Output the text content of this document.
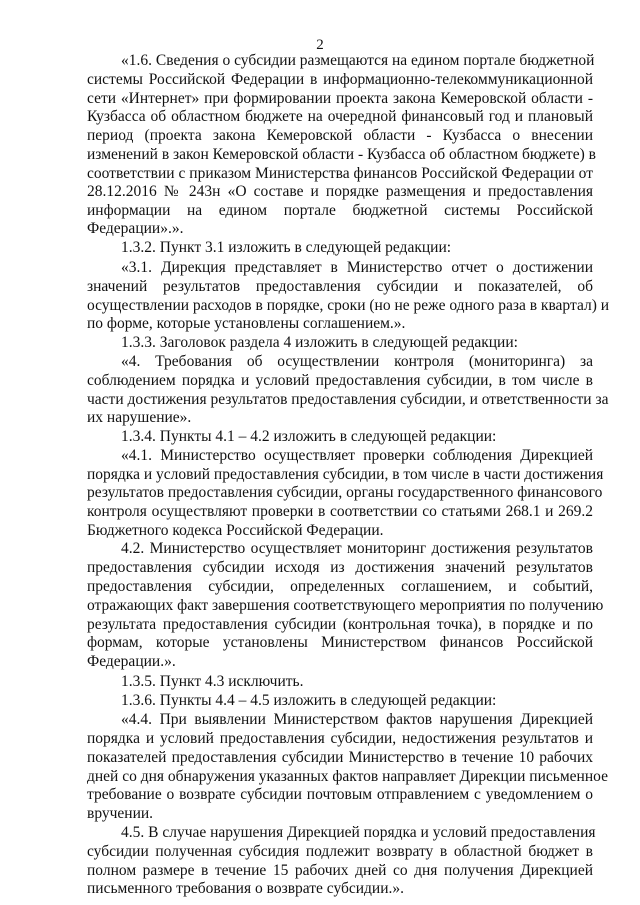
2
«1.6. Сведения о субсидии размещаются на едином портале бюджетной
системы Российской Федерации в информационно-телекоммуникационной
сети «Интернет» при формировании проекта закона Кемеровской области -
Кузбасса об областном бюджете на очередной финансовый год и плановый
период (проекта закона Кемеровской области - Кузбасса о внесении
изменений в закон Кемеровской области - Кузбасса об областном бюджете) в
соответствии с приказом Министерства финансов Российской Федерации от
28.12.2016 № 243н «О составе и порядке размещения и предоставления
информации на едином портале бюджетной системы Российской
Федерации».».
1.3.2. Пункт 3.1 изложить в следующей редакции:
«3.1. Дирекция представляет в Министерство отчет о достижении
значений результатов предоставления субсидии и показателей, об
осуществлении расходов в порядке, сроки (но не реже одного раза в квартал) и
по форме, которые установлены соглашением.».
1.3.3. Заголовок раздела 4 изложить в следующей редакции:
«4. Требования об осуществлении контроля (мониторинга) за
соблюдением порядка и условий предоставления субсидии, в том числе в
части достижения результатов предоставления субсидии, и ответственности за
их нарушение».
1.3.4. Пункты 4.1 – 4.2 изложить в следующей редакции:
«4.1. Министерство осуществляет проверки соблюдения Дирекцией
порядка и условий предоставления субсидии, в том числе в части достижения
результатов предоставления субсидии, органы государственного финансового
контроля осуществляют проверки в соответствии со статьями 268.1 и 269.2
Бюджетного кодекса Российской Федерации.
4.2. Министерство осуществляет мониторинг достижения результатов
предоставления субсидии исходя из достижения значений результатов
предоставления субсидии, определенных соглашением, и событий,
отражающих факт завершения соответствующего мероприятия по получению
результата предоставления субсидии (контрольная точка), в порядке и по
формам, которые установлены Министерством финансов Российской
Федерации.».
1.3.5. Пункт 4.3 исключить.
1.3.6. Пункты 4.4 – 4.5 изложить в следующей редакции:
«4.4. При выявлении Министерством фактов нарушения Дирекцией
порядка и условий предоставления субсидии, недостижения результатов и
показателей предоставления субсидии Министерство в течение 10 рабочих
дней со дня обнаружения указанных фактов направляет Дирекции письменное
требование о возврате субсидии почтовым отправлением с уведомлением о
вручении.
4.5. В случае нарушения Дирекцией порядка и условий предоставления
субсидии полученная субсидия подлежит возврату в областной бюджет в
полном размере в течение 15 рабочих дней со дня получения Дирекцией
письменного требования о возврате субсидии.».
